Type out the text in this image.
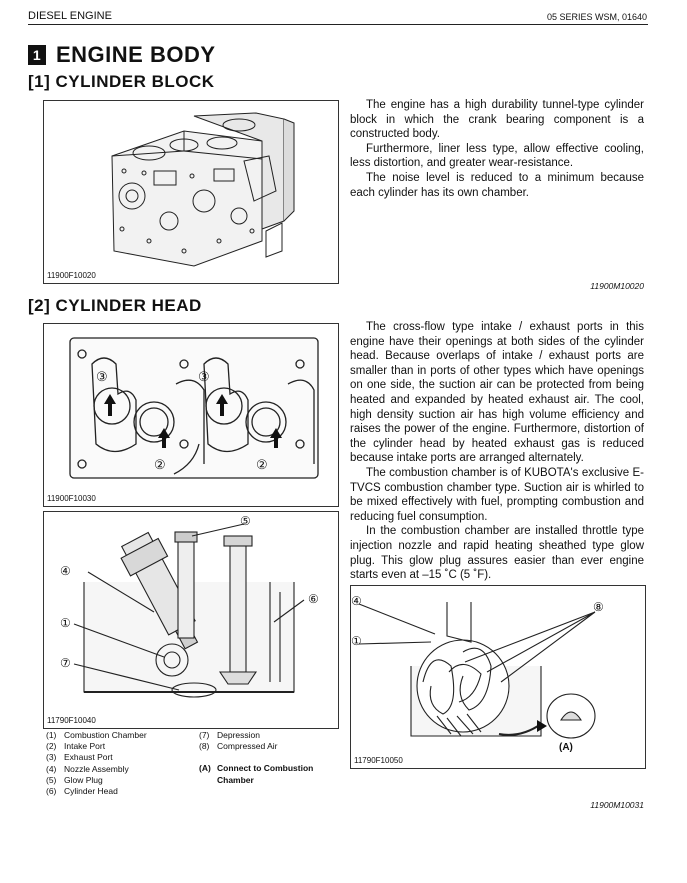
DIESEL ENGINE	05 SERIES WSM, 01640
1 ENGINE BODY
[1] CYLINDER BLOCK
11900F10020

The engine has a high durability tunnel-type cylinder block in which the crank bearing component is a constructed body.

Furthermore, liner less type, allow effective cooling, less distortion, and greater wear-resistance.

The noise level is reduced to a minimum because each cylinder has its own chamber.

11900M10020
[2] CYLINDER HEAD
③	③
②	②
11900F10030
④
⑤
⑥
①
⑦
11790F10040
(1) Combustion Chamber
(2) Intake Port
(3) Exhaust Port
(4) Nozzle Assembly
(5) Glow Plug
(6) Cylinder Head
(7) Depression
(8) Compressed Air
(A) Connect to Combustion
Chamber

The cross-flow type intake / exhaust ports in this engine have their openings at both sides of the cylinder head. Because overlaps of intake / exhaust ports are smaller than in ports of other types which have openings on one side, the suction air can be protected from being heated and expanded by heated exhaust air. The cool, high density suction air has high volume efficiency and raises the power of the engine. Furthermore, distortion of the cylinder head by heated exhaust gas is reduced because intake ports are arranged alternately.

The combustion chamber is of KUBOTA's exclusive E-TVCS combustion chamber type. Suction air is whirled to be mixed effectively with fuel, prompting combustion and reducing fuel consumption.

In the combustion chamber are installed throttle type injection nozzle and rapid heating sheathed type glow plug. This glow plug assures easier than ever engine starts even at –15 ˚C (5 ˚F).

④
①
⑧
(A)
11790F10050
11900M10031
